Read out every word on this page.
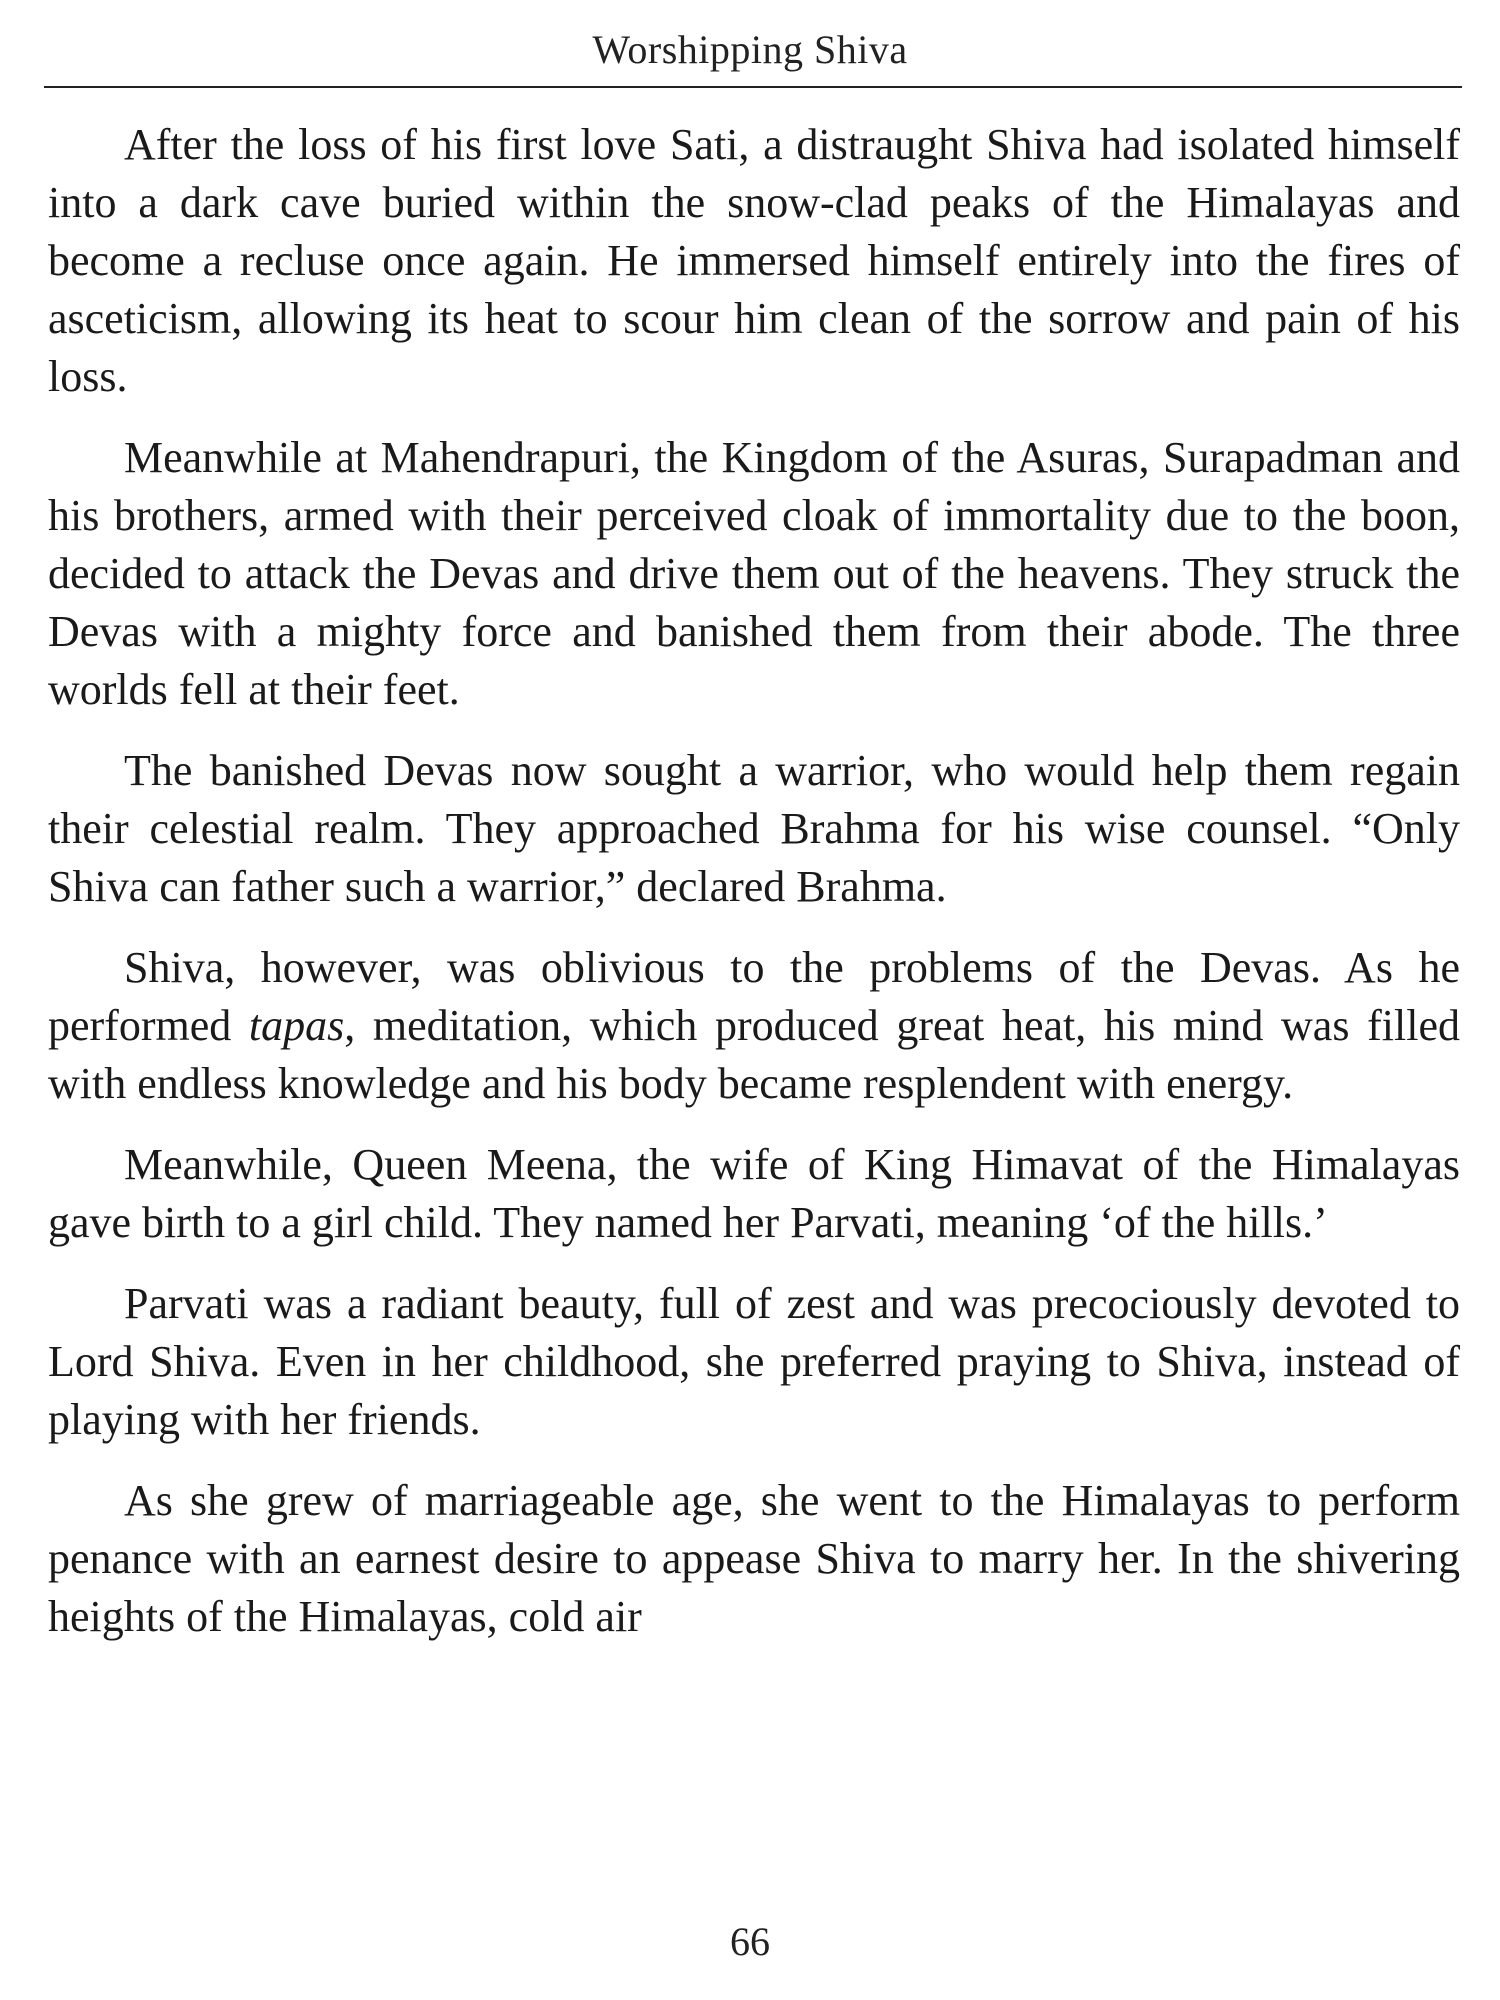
Worshipping Shiva

After the loss of his first love Sati, a distraught Shiva had isolated himself into a dark cave buried within the snow-clad peaks of the Himalayas and become a recluse once again. He immersed himself entirely into the fires of asceticism, allowing its heat to scour him clean of the sorrow and pain of his loss.

Meanwhile at Mahendrapuri, the Kingdom of the Asuras, Surapadman and his brothers, armed with their perceived cloak of immortality due to the boon, decided to attack the Devas and drive them out of the heavens. They struck the Devas with a mighty force and banished them from their abode. The three worlds fell at their feet.

The banished Devas now sought a warrior, who would help them regain their celestial realm. They approached Brahma for his wise counsel. “Only Shiva can father such a warrior,” declared Brahma.

Shiva, however, was oblivious to the problems of the Devas. As he performed tapas, meditation, which produced great heat, his mind was filled with endless knowledge and his body became resplendent with energy.

Meanwhile, Queen Meena, the wife of King Himavat of the Himalayas gave birth to a girl child. They named her Parvati, meaning ‘of the hills.’

Parvati was a radiant beauty, full of zest and was precociously devoted to Lord Shiva. Even in her childhood, she preferred praying to Shiva, instead of playing with her friends.

As she grew of marriageable age, she went to the Himalayas to perform penance with an earnest desire to appease Shiva to marry her. In the shivering heights of the Himalayas, cold air

66
